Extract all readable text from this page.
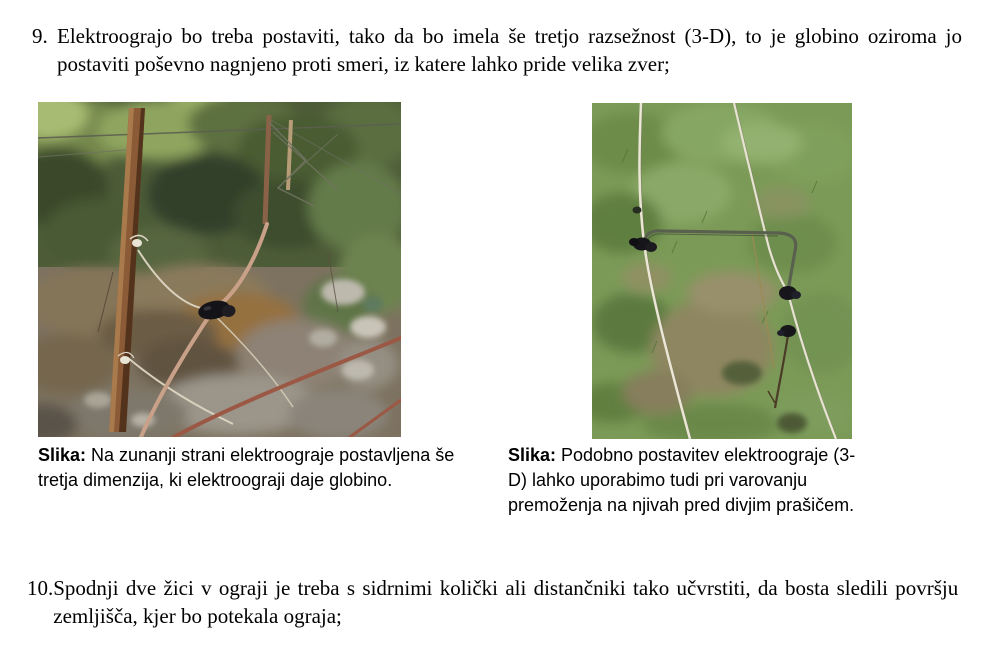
9. Elektroograjo bo treba postaviti, tako da bo imela še tretjo razsežnost (3-D), to je globino oziroma jo postaviti poševno nagnjeno proti smeri, iz katere lahko pride velika zver;
Slika: Na zunanji strani elektroograje postavljena še tretja dimenzija, ki elektroograji daje globino.
Slika: Podobno postavitev elektroograje (3-D) lahko uporabimo tudi pri varovanju premoženja na njivah pred divjim prašičem.
10. Spodnji dve žici v ograji je treba s sidrnimi količki ali distančniki tako učvrstiti, da bosta sledili površju zemljišča, kjer bo potekala ograja;
